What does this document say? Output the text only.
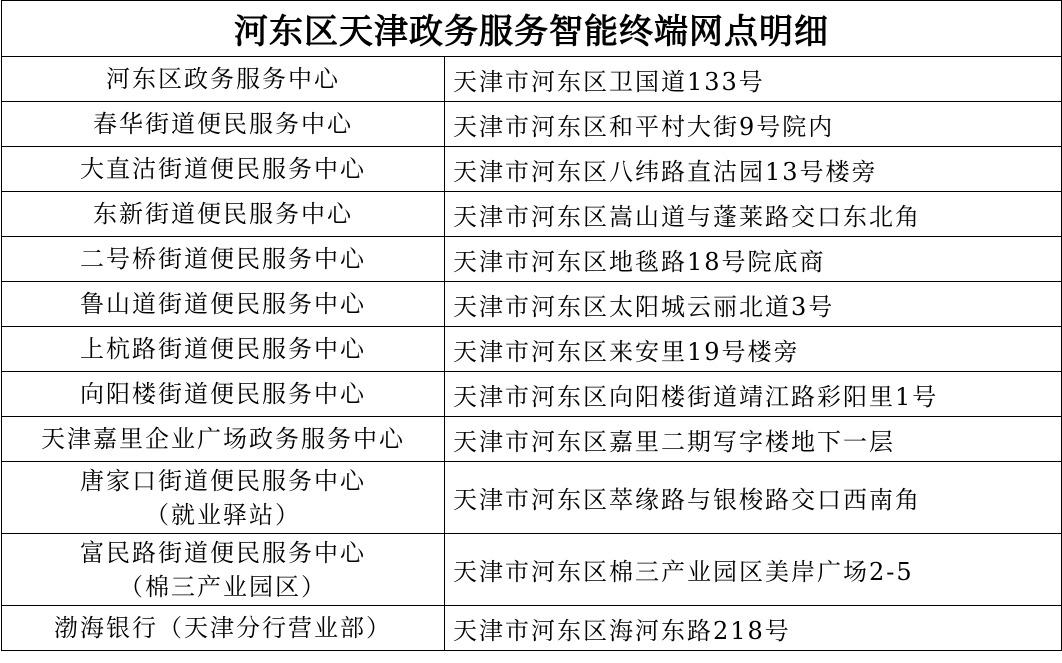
河东区天津政务服务智能终端网点明细	

河东区政务服务中心	天津市河东区卫国道133号

春华街道便民服务中心	天津市河东区和平村大街9号院内

大直沽街道便民服务中心	天津市河东区八纬路直沽园13号楼旁

东新街道便民服务中心	天津市河东区嵩山道与蓬莱路交口东北角

二号桥街道便民服务中心	天津市河东区地毯路18号院底商

鲁山道街道便民服务中心	天津市河东区太阳城云丽北道3号

上杭路街道便民服务中心	天津市河东区来安里19号楼旁

向阳楼街道便民服务中心	天津市河东区向阳楼街道靖江路彩阳里1号

天津嘉里企业广场政务服务中心	天津市河东区嘉里二期写字楼地下一层

唐家口街道便民服务中心
（就业驿站）	天津市河东区萃缘路与银梭路交口西南角

富民路街道便民服务中心
（棉三产业园区）	天津市河东区棉三产业园区美岸广场2-5

渤海银行（天津分行营业部）	天津市河东区海河东路218号
